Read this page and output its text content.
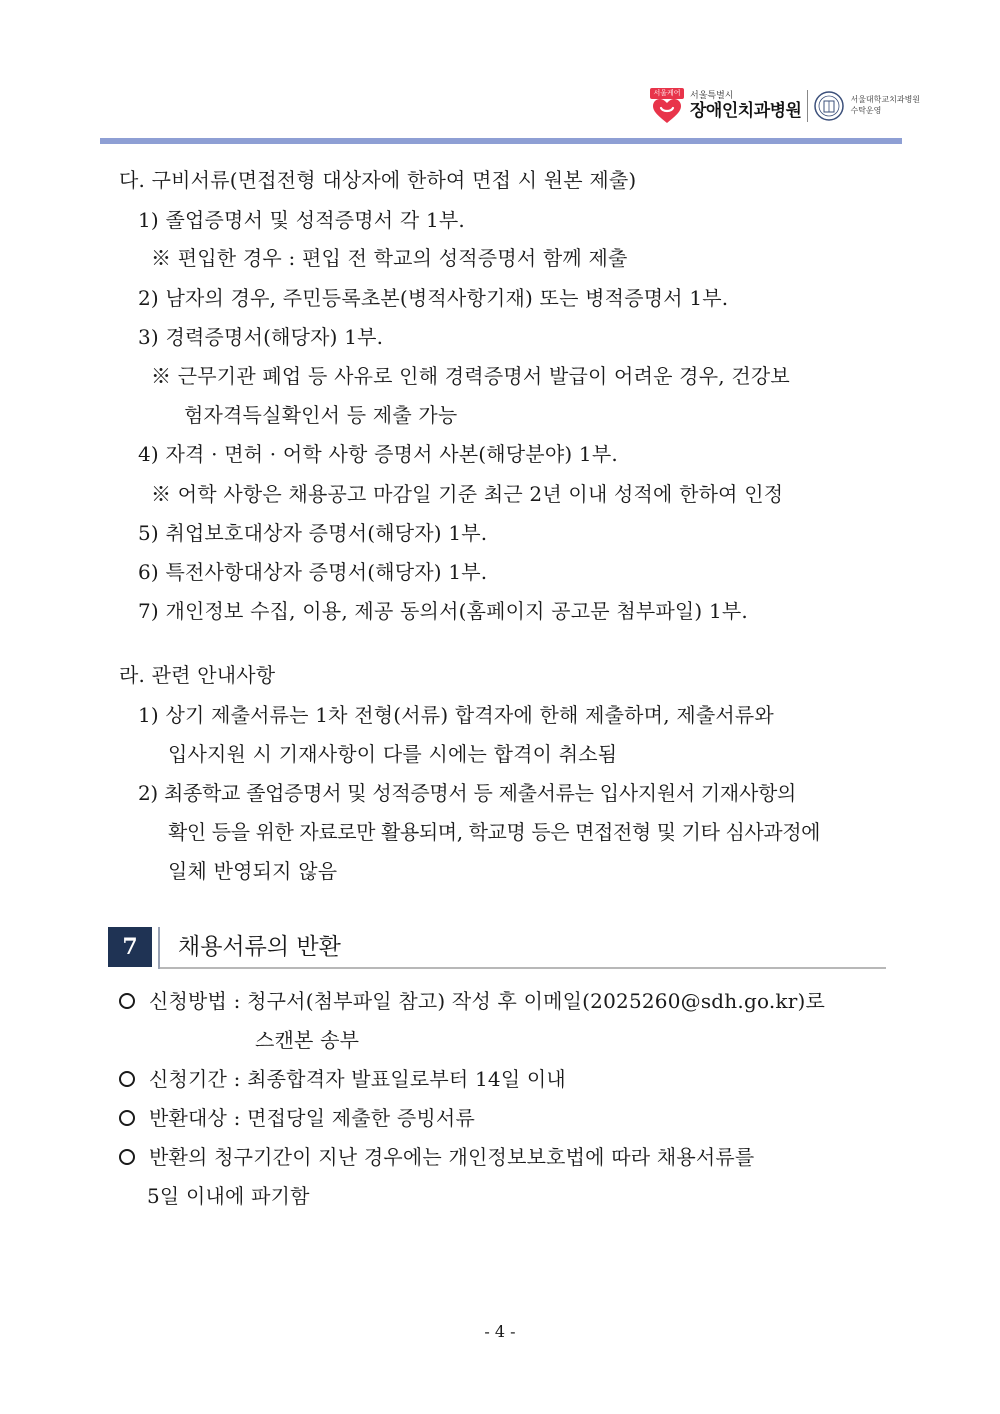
서울케어	서울특별시
장애인치과병원
서울대학교치과병원
수탁운영
다. 구비서류(면접전형 대상자에 한하여 면접 시 원본 제출)
1) 졸업증명서 및 성적증명서 각 1부.
※ 편입한 경우 : 편입 전 학교의 성적증명서 함께 제출
2) 남자의 경우, 주민등록초본(병적사항기재) 또는 병적증명서 1부.
3) 경력증명서(해당자) 1부.
※ 근무기관 폐업 등 사유로 인해 경력증명서 발급이 어려운 경우, 건강보
험자격득실확인서 등 제출 가능
4) 자격 · 면허 · 어학 사항 증명서 사본(해당분야) 1부.
※ 어학 사항은 채용공고 마감일 기준 최근 2년 이내 성적에 한하여 인정
5) 취업보호대상자 증명서(해당자) 1부.
6) 특전사항대상자 증명서(해당자) 1부.
7) 개인정보 수집, 이용, 제공 동의서(홈페이지 공고문 첨부파일) 1부.
라. 관련 안내사항
1) 상기 제출서류는 1차 전형(서류) 합격자에 한해 제출하며, 제출서류와
입사지원 시 기재사항이 다를 시에는 합격이 취소됨
2) 최종학교 졸업증명서 및 성적증명서 등 제출서류는 입사지원서 기재사항의
확인 등을 위한 자료로만 활용되며, 학교명 등은 면접전형 및 기타 심사과정에
일체 반영되지 않음
7	채용서류의 반환
신청방법 : 청구서(첨부파일 참고) 작성 후 이메일(2025260@sdh.go.kr)로
스캔본 송부
신청기간 : 최종합격자 발표일로부터 14일 이내
반환대상 : 면접당일 제출한 증빙서류
반환의 청구기간이 지난 경우에는 개인정보보호법에 따라 채용서류를
5일 이내에 파기함
- 4 -
